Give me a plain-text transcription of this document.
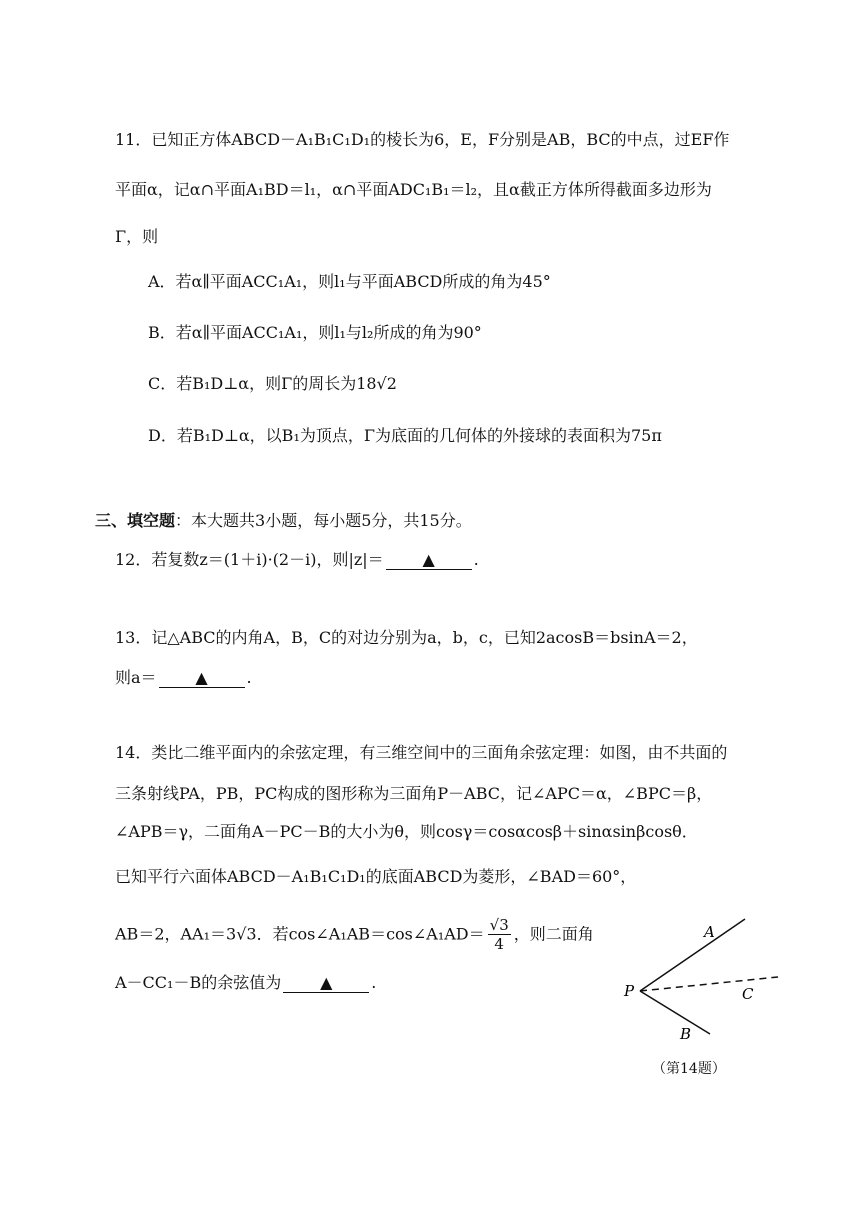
11．已知正方体ABCD－A₁B₁C₁D₁的棱长为6，E，F分别是AB，BC的中点，过EF作
平面α，记α∩平面A₁BD＝l₁，α∩平面ADC₁B₁＝l₂，且α截正方体所得截面多边形为
Γ，则
A．若α∥平面ACC₁A₁，则l₁与平面ABCD所成的角为45°
B．若α∥平面ACC₁A₁，则l₁与l₂所成的角为90°
C．若B₁D⊥α，则Γ的周长为18√2
D．若B₁D⊥α，以B₁为顶点，Γ为底面的几何体的外接球的表面积为75π
三、填空题：本大题共3小题，每小题5分，共15分。
12．若复数z＝(1＋i)·(2－i)，则|z|＝ ▲ .
13．记△ABC的内角A，B，C的对边分别为a，b，c，已知2acosB＝bsinA＝2，
则a＝ ▲ .
14．类比二维平面内的余弦定理，有三维空间中的三面角余弦定理：如图，由不共面的
三条射线PA，PB，PC构成的图形称为三面角P－ABC，记∠APC＝α，∠BPC＝β，
∠APB＝γ，二面角A－PC－B的大小为θ，则cosγ＝cosαcosβ＋sinαsinβcosθ．
已知平行六面体ABCD－A₁B₁C₁D₁的底面ABCD为菱形，∠BAD＝60°，
AB＝2，AA₁＝3√3．若cos∠A₁AB＝cos∠A₁AD＝ $\frac{√3}{4}$ ，则二面角
A－CC₁－B的余弦值为 ▲ .
A
B
C
P
（第14题）
